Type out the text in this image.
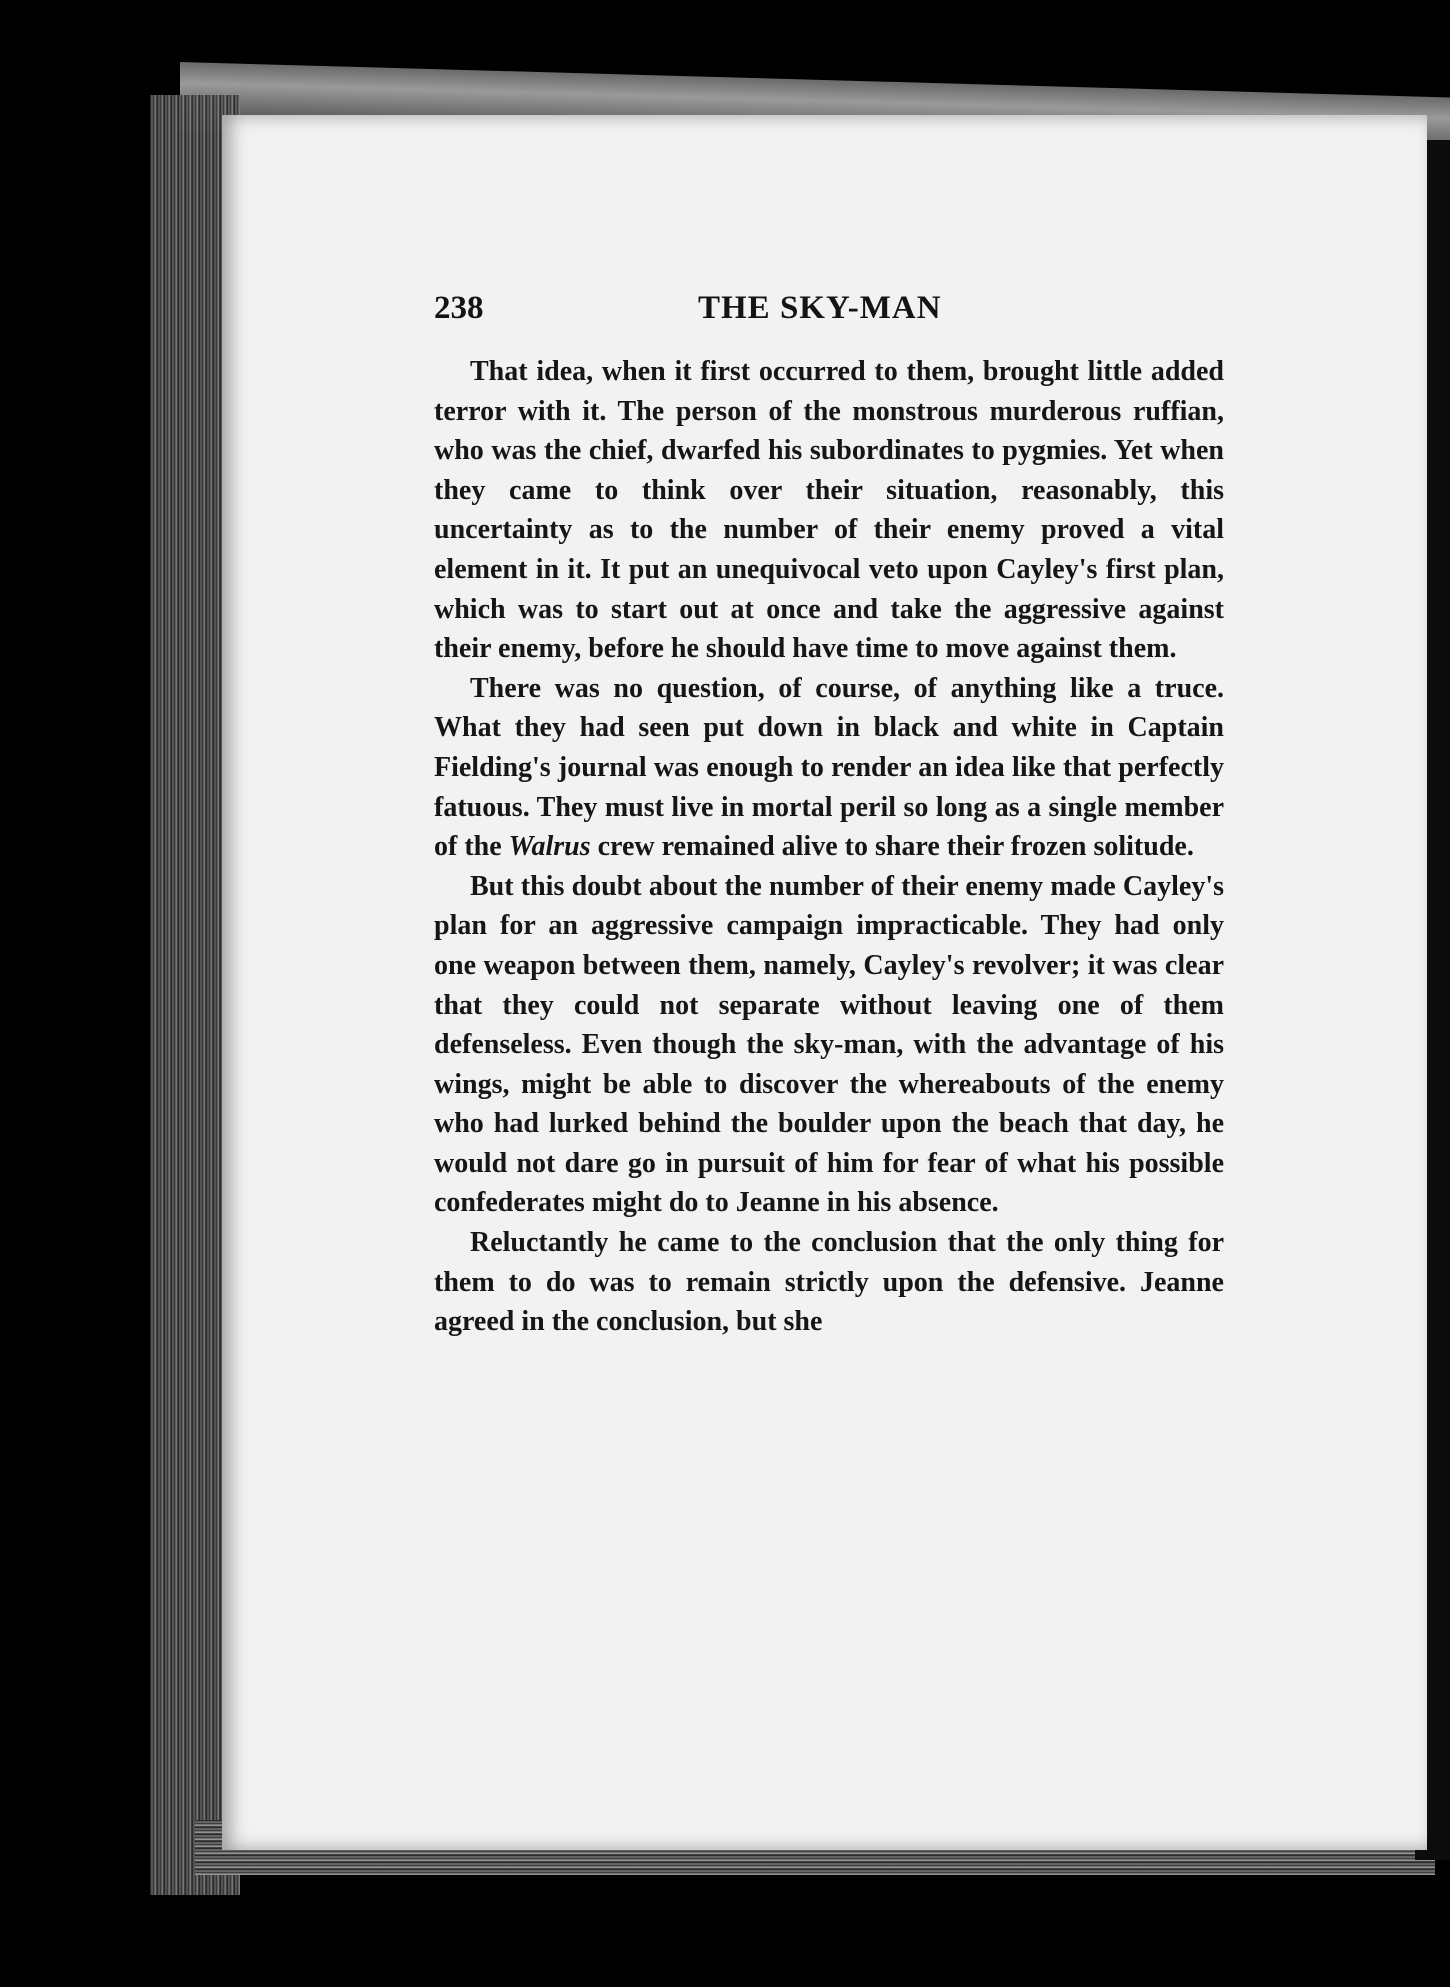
238	THE SKY-MAN

That idea, when it first occurred to them, brought little added terror with it. The person of the monstrous murderous ruffian, who was the chief, dwarfed his subordinates to pygmies. Yet when they came to think over their situation, reasonably, this uncertainty as to the number of their enemy proved a vital element in it. It put an unequivocal veto upon Cayley's first plan, which was to start out at once and take the aggressive against their enemy, before he should have time to move against them.

There was no question, of course, of anything like a truce. What they had seen put down in black and white in Captain Fielding's journal was enough to render an idea like that perfectly fatuous. They must live in mortal peril so long as a single member of the Walrus crew remained alive to share their frozen solitude.

But this doubt about the number of their enemy made Cayley's plan for an aggressive campaign impracticable. They had only one weapon between them, namely, Cayley's revolver; it was clear that they could not separate without leaving one of them defenseless. Even though the sky-man, with the advantage of his wings, might be able to discover the whereabouts of the enemy who had lurked behind the boulder upon the beach that day, he would not dare go in pursuit of him for fear of what his possible confederates might do to Jeanne in his absence.

Reluctantly he came to the conclusion that the only thing for them to do was to remain strictly upon the defensive. Jeanne agreed in the conclusion, but she
